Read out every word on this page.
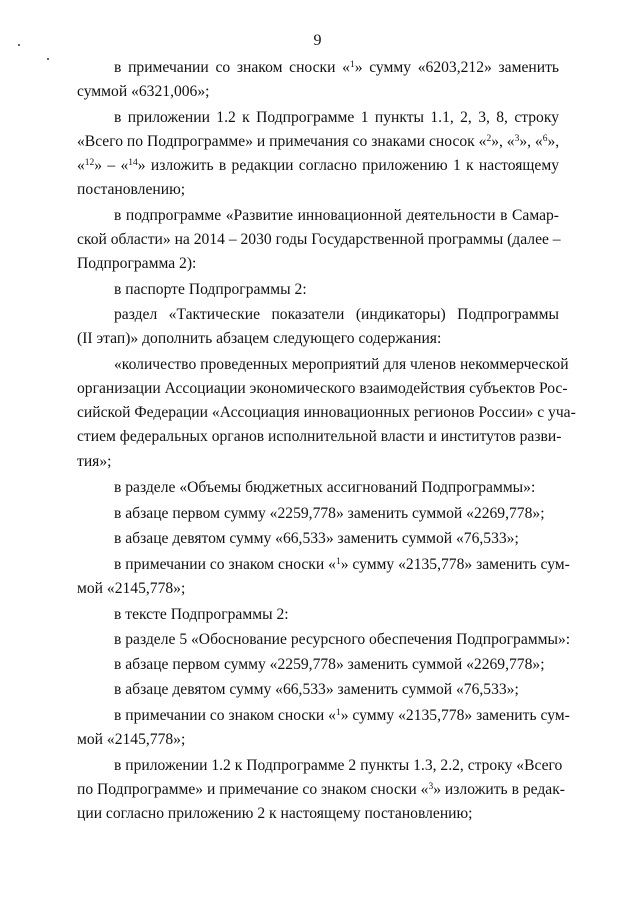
9
в примечании со знаком сноски «$^1$» сумму «6203,212» заменить
суммой «6321,006»;
в приложении 1.2 к Подпрограмме 1 пункты 1.1, 2, 3, 8, строку
«Всего по Подпрограмме» и примечания со знаками сносок «$^2$», «$^3$», «$^6$»,
«$^{12}$» – «$^{14}$» изложить в редакции согласно приложению 1 к настоящему
постановлению;
в подпрограмме «Развитие инновационной деятельности в Самар-
ской области» на 2014 – 2030 годы Государственной программы (далее –
Подпрограмма 2):
в паспорте Подпрограммы 2:
раздел «Тактические показатели (индикаторы) Подпрограммы
(II этап)» дополнить абзацем следующего содержания:
«количество проведенных мероприятий для членов некоммерческой
организации Ассоциации экономического взаимодействия субъектов Рос-
сийской Федерации «Ассоциация инновационных регионов России» с уча-
стием федеральных органов исполнительной власти и институтов разви-
тия»;
в разделе «Объемы бюджетных ассигнований Подпрограммы»:
в абзаце первом сумму «2259,778» заменить суммой «2269,778»;
в абзаце девятом сумму «66,533» заменить суммой «76,533»;
в примечании со знаком сноски «$^1$» сумму «2135,778» заменить сум-
мой «2145,778»;
в тексте Подпрограммы 2:
в разделе 5 «Обоснование ресурсного обеспечения Подпрограммы»:
в абзаце первом сумму «2259,778» заменить суммой «2269,778»;
в абзаце девятом сумму «66,533» заменить суммой «76,533»;
в примечании со знаком сноски «$^1$» сумму «2135,778» заменить сум-
мой «2145,778»;
в приложении 1.2 к Подпрограмме 2 пункты 1.3, 2.2, строку «Всего
по Подпрограмме» и примечание со знаком сноски «$^3$» изложить в редак-
ции согласно приложению 2 к настоящему постановлению;
